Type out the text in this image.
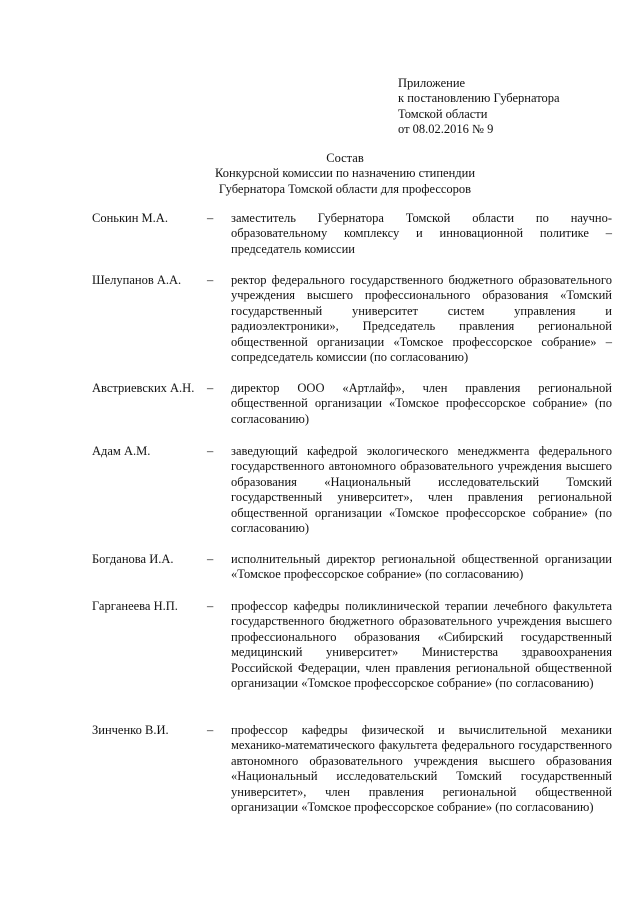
Приложение
к постановлению Губернатора
Томской области
от 08.02.2016 № 9
Состав
Конкурсной комиссии по назначению стипендии
Губернатора Томской области для профессоров
Сонькин М.А.	– заместитель Губернатора Томской области по научно-образовательному комплексу и инновационной политике – председатель комиссии
Шелупанов А.А. – ректор федерального государственного бюджетного образовательного учреждения высшего профессионального образования «Томский государственный университет систем управления и радиоэлектроники», Председатель правления региональной общественной организации «Томское профессорское собрание» – сопредседатель комиссии (по согласованию)
Австриевских А.Н. – директор ООО «Артлайф», член правления региональной общественной организации «Томское профессорское собрание» (по согласованию)
Адам А.М.	– заведующий кафедрой экологического менеджмента федерального государственного автономного образовательного учреждения высшего образования «Национальный исследовательский Томский государственный университет», член правления региональной общественной организации «Томское профессорское собрание» (по согласованию)
Богданова И.А.	– исполнительный директор региональной общественной организации «Томское профессорское собрание» (по согласованию)
Гарганеева Н.П. – профессор кафедры поликлинической терапии лечебного факультета государственного бюджетного образовательного учреждения высшего профессионального образования «Сибирский государственный медицинский университет» Министерства здравоохранения Российской Федерации, член правления региональной общественной организации «Томское профессорское собрание» (по согласованию)
Зинченко В.И.	– профессор кафедры физической и вычислительной механики механико-математического факультета федерального государственного автономного образовательного учреждения высшего образования «Национальный исследовательский Томский государственный университет», член правления региональной общественной организации «Томское профессорское собрание» (по согласованию)
